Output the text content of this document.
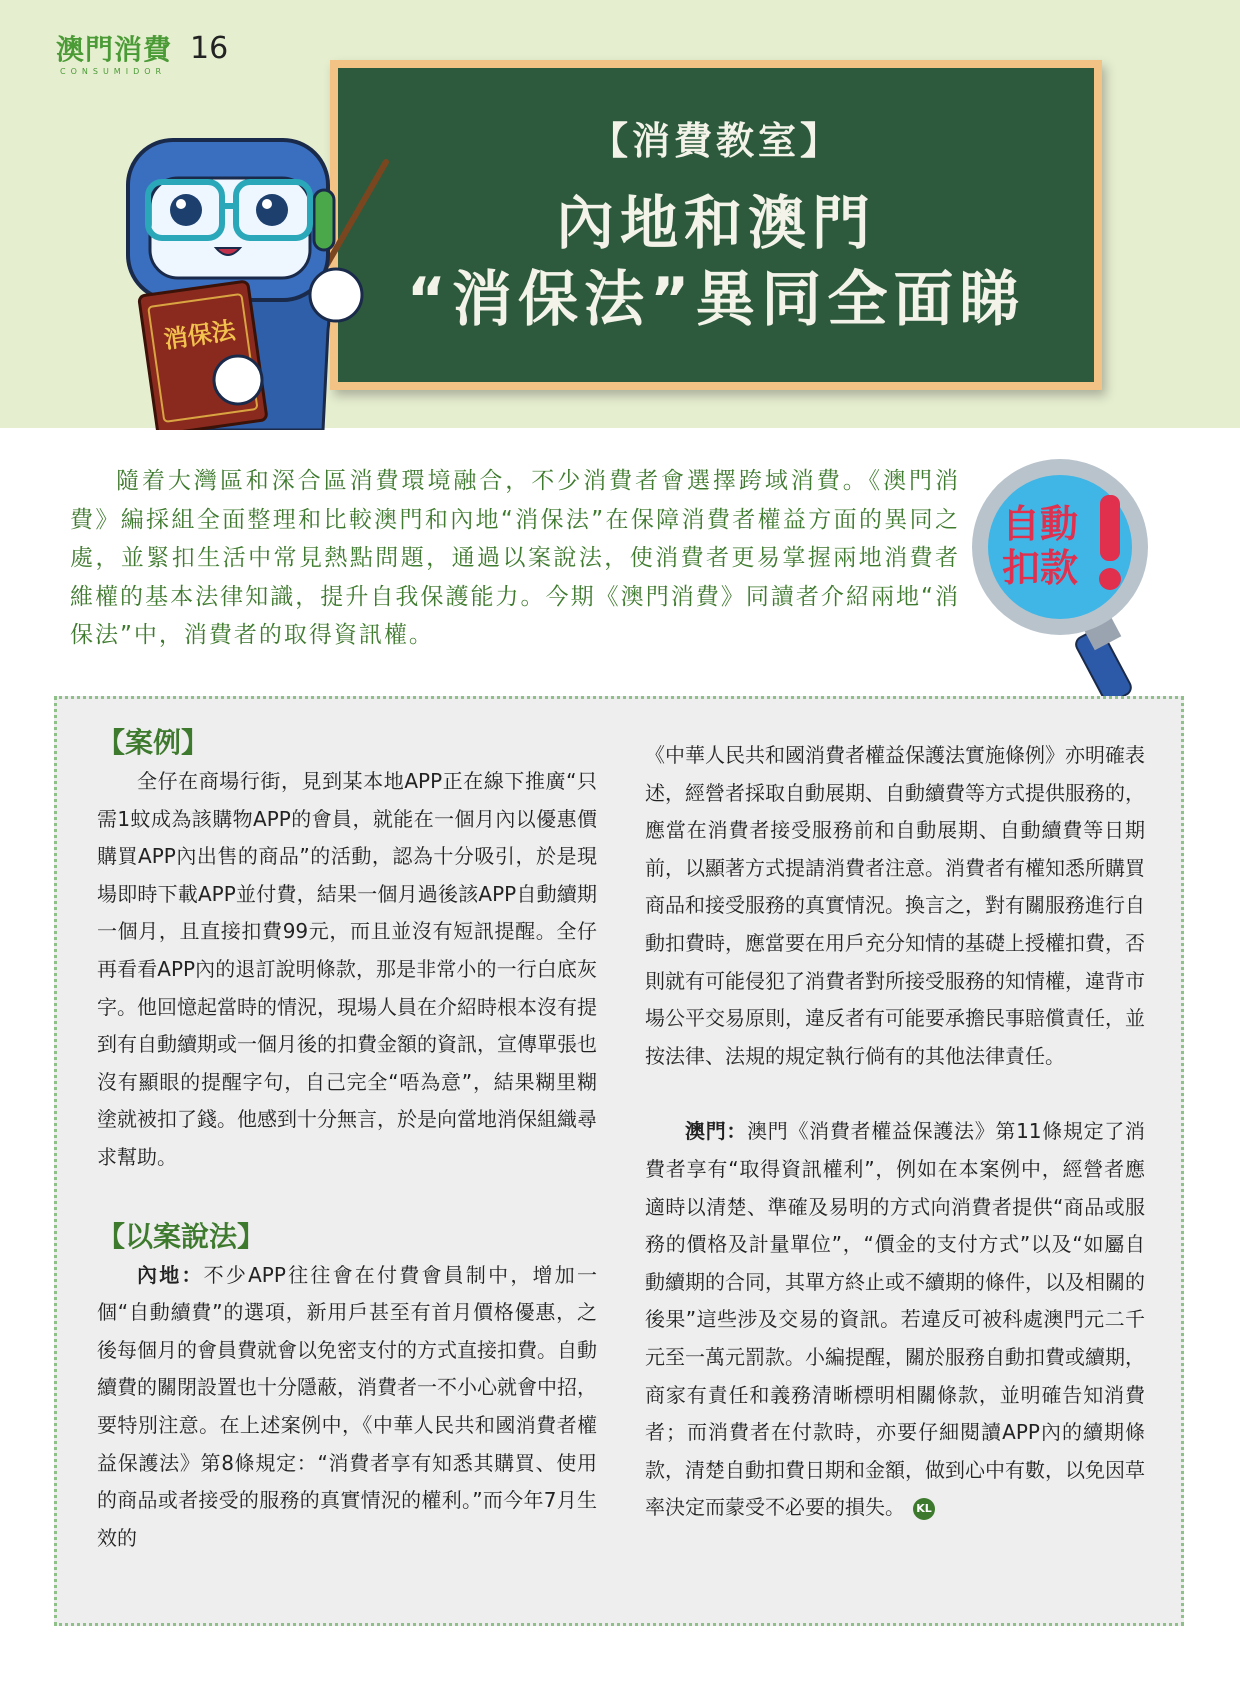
澳門消費
CONSUMIDOR
16
【消費教室】
內地和澳門
“消保法”異同全面睇
消保法

隨着大灣區和深合區消費環境融合，不少消費者會選擇跨域消費。《澳門消費》編採組全面整理和比較澳門和內地“消保法”在保障消費者權益方面的異同之處，並緊扣生活中常見熱點問題，通過以案說法，使消費者更易掌握兩地消費者維權的基本法律知識，提升自我保護能力。今期《澳門消費》同讀者介紹兩地“消保法”中，消費者的取得資訊權。

自動
扣款
【案例】

全仔在商場行街，見到某本地APP正在線下推廣“只需1蚊成為該購物APP的會員，就能在一個月內以優惠價購買APP內出售的商品”的活動，認為十分吸引，於是現場即時下載APP並付費，結果一個月過後該APP自動續期一個月，且直接扣費99元，而且並沒有短訊提醒。全仔再看看APP內的退訂說明條款，那是非常小的一行白底灰字。他回憶起當時的情況，現場人員在介紹時根本沒有提到有自動續期或一個月後的扣費金額的資訊，宣傳單張也沒有顯眼的提醒字句，自己完全“唔為意”，結果糊里糊塗就被扣了錢。他感到十分無言，於是向當地消保組織尋求幫助。

【以案說法】

內地：不少APP往往會在付費會員制中，增加一個“自動續費”的選項，新用戶甚至有首月價格優惠，之後每個月的會員費就會以免密支付的方式直接扣費。自動續費的關閉設置也十分隱蔽，消費者一不小心就會中招，要特別注意。在上述案例中，《中華人民共和國消費者權益保護法》第8條規定：“消費者享有知悉其購買、使用的商品或者接受的服務的真實情況的權利。”而今年7月生效的

《中華人民共和國消費者權益保護法實施條例》亦明確表述，經營者採取自動展期、自動續費等方式提供服務的，應當在消費者接受服務前和自動展期、自動續費等日期前，以顯著方式提請消費者注意。消費者有權知悉所購買商品和接受服務的真實情況。換言之，對有關服務進行自動扣費時，應當要在用戶充分知情的基礎上授權扣費，否則就有可能侵犯了消費者對所接受服務的知情權，違背市場公平交易原則，違反者有可能要承擔民事賠償責任，並按法律、法規的規定執行倘有的其他法律責任。

澳門：澳門《消費者權益保護法》第11條規定了消費者享有“取得資訊權利”，例如在本案例中，經營者應適時以清楚、準確及易明的方式向消費者提供“商品或服務的價格及計量單位”，“價金的支付方式”以及“如屬自動續期的合同，其單方終止或不續期的條件，以及相關的後果”這些涉及交易的資訊。若違反可被科處澳門元二千元至一萬元罰款。小編提醒，關於服務自動扣費或續期，商家有責任和義務清晰標明相關條款，並明確告知消費者；而消費者在付款時，亦要仔細閱讀APP內的續期條款，清楚自動扣費日期和金額，做到心中有數，以免因草率決定而蒙受不必要的損失。 KL
